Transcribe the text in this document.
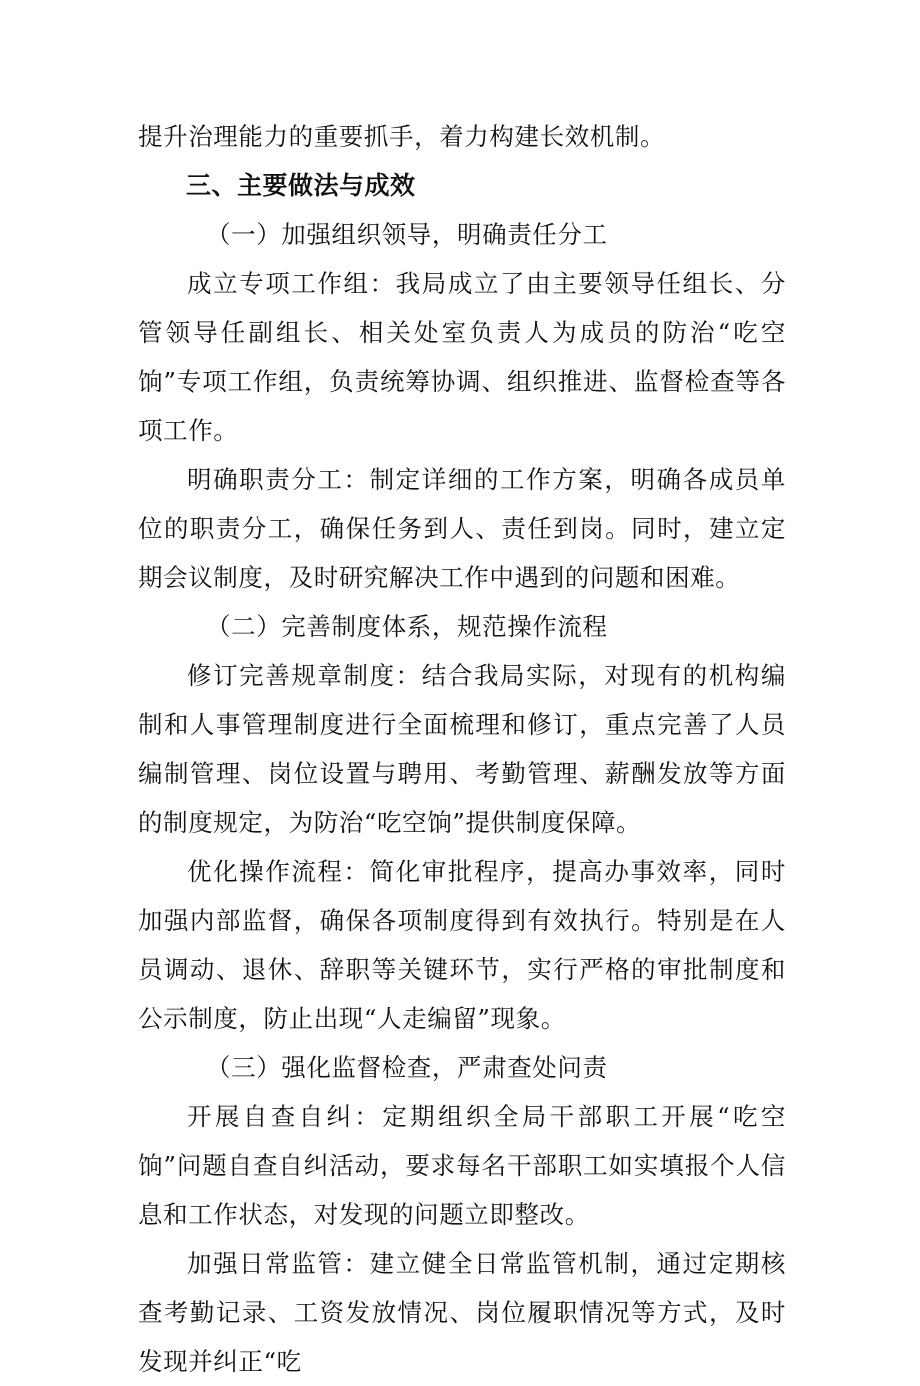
提升治理能力的重要抓手，着力构建长效机制。

三、主要做法与成效

（一）加强组织领导，明确责任分工

成立专项工作组：我局成立了由主要领导任组长、分管领导任副组长、相关处室负责人为成员的防治“吃空饷”专项工作组，负责统筹协调、组织推进、监督检查等各项工作。

明确职责分工：制定详细的工作方案，明确各成员单位的职责分工，确保任务到人、责任到岗。同时，建立定期会议制度，及时研究解决工作中遇到的问题和困难。

（二）完善制度体系，规范操作流程

修订完善规章制度：结合我局实际，对现有的机构编制和人事管理制度进行全面梳理和修订，重点完善了人员编制管理、岗位设置与聘用、考勤管理、薪酬发放等方面的制度规定，为防治“吃空饷”提供制度保障。

优化操作流程：简化审批程序，提高办事效率，同时加强内部监督，确保各项制度得到有效执行。特别是在人员调动、退休、辞职等关键环节，实行严格的审批制度和公示制度，防止出现“人走编留”现象。

（三）强化监督检查，严肃查处问责

开展自查自纠：定期组织全局干部职工开展“吃空饷”问题自查自纠活动，要求每名干部职工如实填报个人信息和工作状态，对发现的问题立即整改。

加强日常监管：建立健全日常监管机制，通过定期核查考勤记录、工资发放情况、岗位履职情况等方式，及时发现并纠正“吃
